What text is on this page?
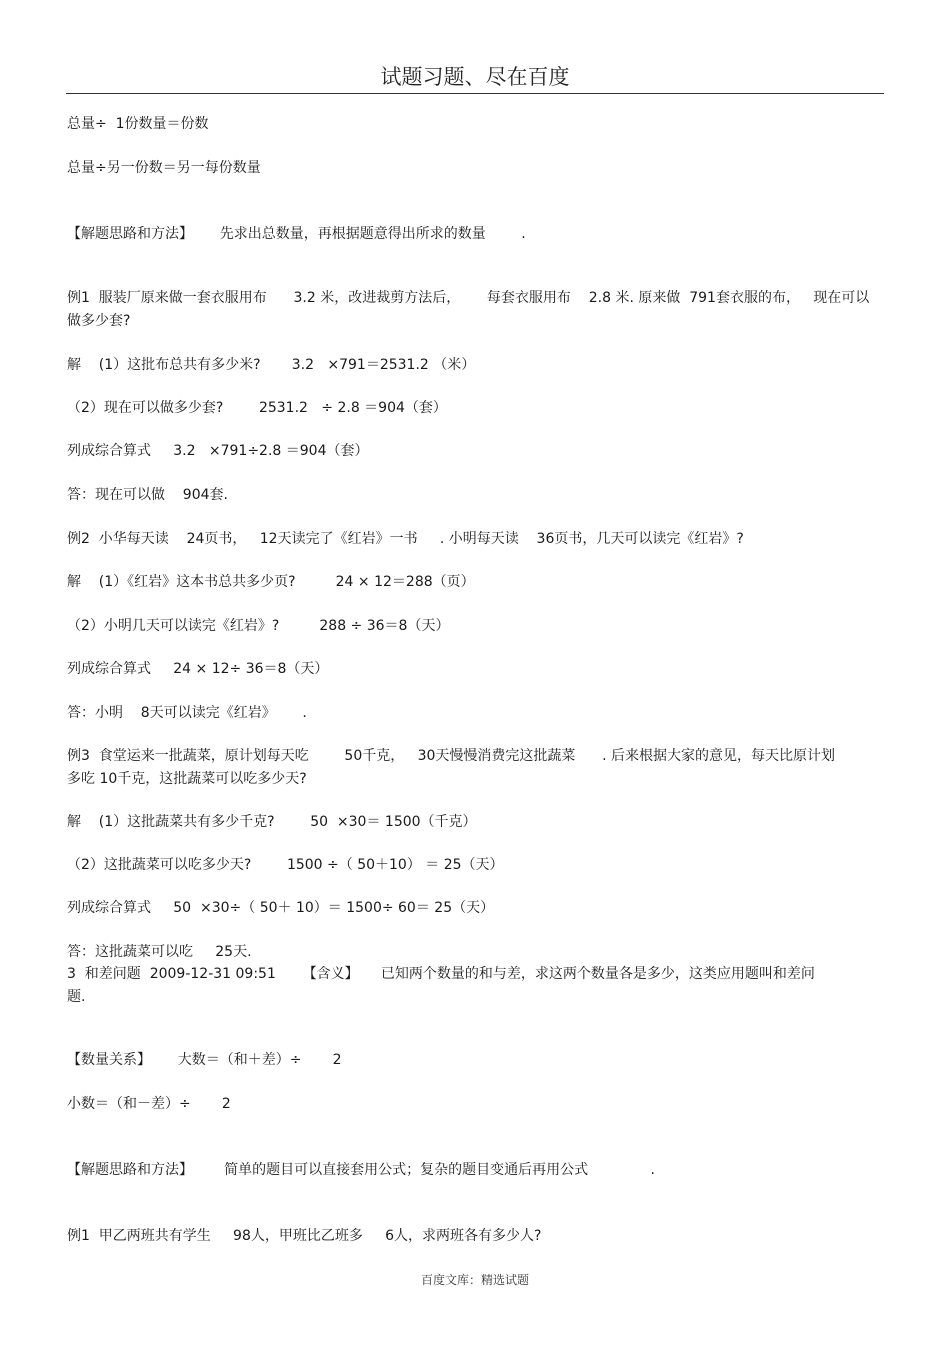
试题习题、尽在百度
总量÷  1份数量＝份数
总量÷另一份数＝另一每份数量
【解题思路和方法】      先求出总数量，再根据题意得出所求的数量        .
例1  服装厂原来做一套衣服用布      3.2 米，改进裁剪方法后，      每套衣服用布    2.8 米. 原来做  791套衣服的布，   现在可以
做多少套?
解    (1）这批布总共有多少米?       3.2   ×791＝2531.2 （米）
（2）现在可以做多少套?        2531.2   ÷ 2.8 ＝904（套）
列成综合算式     3.2   ×791÷2.8 ＝904（套）
答：现在可以做    904套.
例2  小华每天读    24页书，   12天读完了《红岩》一书     . 小明每天读    36页书，几天可以读完《红岩》?
解    (1）《红岩》这本书总共多少页?         24 × 12＝288（页）
（2）小明几天可以读完《红岩》?         288 ÷ 36＝8（天）
列成综合算式     24 × 12÷ 36＝8（天）
答：小明    8天可以读完《红岩》      .
例3  食堂运来一批蔬菜，原计划每天吃        50千克，   30天慢慢消费完这批蔬菜      . 后来根据大家的意见，每天比原计划
多吃 10千克，这批蔬菜可以吃多少天?
解    (1）这批蔬菜共有多少千克?        50  ×30＝ 1500（千克）
（2）这批蔬菜可以吃多少天?        1500 ÷（ 50＋10） ＝ 25（天）
列成综合算式     50  ×30÷（ 50＋ 10）＝ 1500÷ 60＝ 25（天）
答：这批蔬菜可以吃     25天.
3  和差问题  2009-12-31 09:51      【含义】     已知两个数量的和与差，求这两个数量各是多少，这类应用题叫和差问
题.
【数量关系】      大数＝（和＋差）÷       2
小数＝（和－差）÷       2
【解题思路和方法】       简单的题目可以直接套用公式；复杂的题目变通后再用公式              .
例1  甲乙两班共有学生     98人，甲班比乙班多     6人，求两班各有多少人?
百度文库：精选试题
